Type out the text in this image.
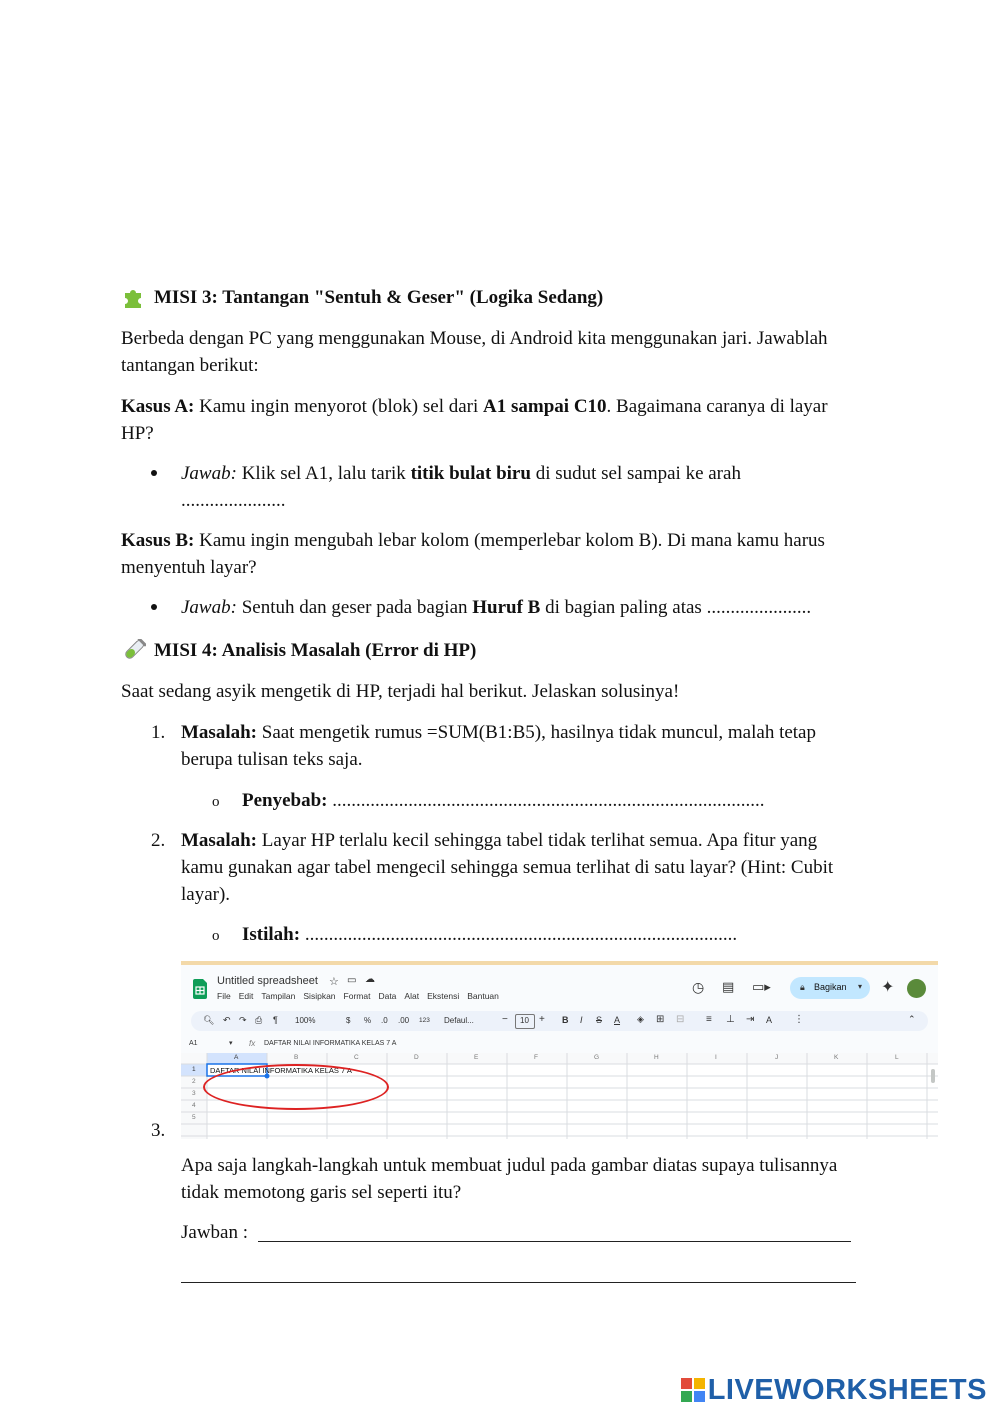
MISI 3: Tantangan "Sentuh & Geser" (Logika Sedang)
Berbeda dengan PC yang menggunakan Mouse, di Android kita menggunakan jari. Jawablah
tantangan berikut:
Kasus A: Kamu ingin menyorot (blok) sel dari A1 sampai C10. Bagaimana caranya di layar
HP?
Jawab: Klik sel A1, lalu tarik titik bulat biru di sudut sel sampai ke arah
......................
Kasus B: Kamu ingin mengubah lebar kolom (memperlebar kolom B). Di mana kamu harus
menyentuh layar?
Jawab: Sentuh dan geser pada bagian Huruf B di bagian paling atas ......................
MISI 4: Analisis Masalah (Error di HP)
Saat sedang asyik mengetik di HP, terjadi hal berikut. Jelaskan solusinya!
1. Masalah: Saat mengetik rumus =SUM(B1:B5), hasilnya tidak muncul, malah tetap
berupa tulisan teks saja.
o Penyebab: ...........................................................................................
2. Masalah: Layar HP terlalu kecil sehingga tabel tidak terlihat semua. Apa fitur yang
kamu gunakan agar tabel mengecil sehingga semua terlihat di satu layar? (Hint: Cubit
layar).
o Istilah: ...........................................................................................
Untitled spreadsheet ☆ ▭ ☁
File Edit Tampilan Sisipkan Format Data Alat Ekstensi Bantuan
◷ ▤ ▭▸	🔒︎ Bagikan ▾ ✦
🔍︎ ↶ ↷ ⎙ ¶ 100%	$ % .0 .00 123 Defaul...	− 10 + B I S A ◈ ⊞ ⊟ ≡ ⊥ ⇥ A ⋮	⌃
A1	▾ fx DAFTAR NILAI INFORMATIKA KELAS 7 A
A	B	C	D	E	F	G	H	I	J	K	L
1
2
3
4
5
DAFTAR NILAI INFORMATIKA KELAS 7 A
3.
Apa saja langkah-langkah untuk membuat judul pada gambar diatas supaya tulisannya
tidak memotong garis sel seperti itu?
Jawban :
LIVEWORKSHEETS
